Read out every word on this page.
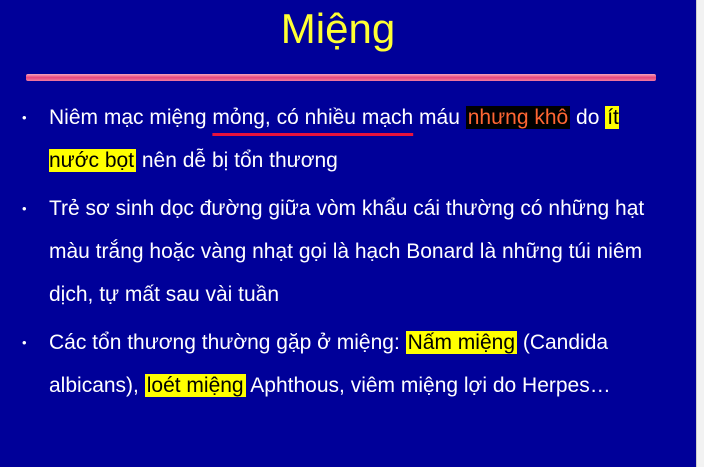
Miệng
• Niêm mạc miệng mỏng, có nhiều mạch máu nhưng khô do ít nước bọt nên dễ bị tổn thương
• Trẻ sơ sinh dọc đường giữa vòm khẩu cái thường có những hạt màu trắng hoặc vàng nhạt gọi là hạch Bonard là những túi niêm dịch, tự mất sau vài tuần
• Các tổn thương thường gặp ở miệng: Nấm miệng (Candida albicans), loét miệng Aphthous, viêm miệng lợi do Herpes…
